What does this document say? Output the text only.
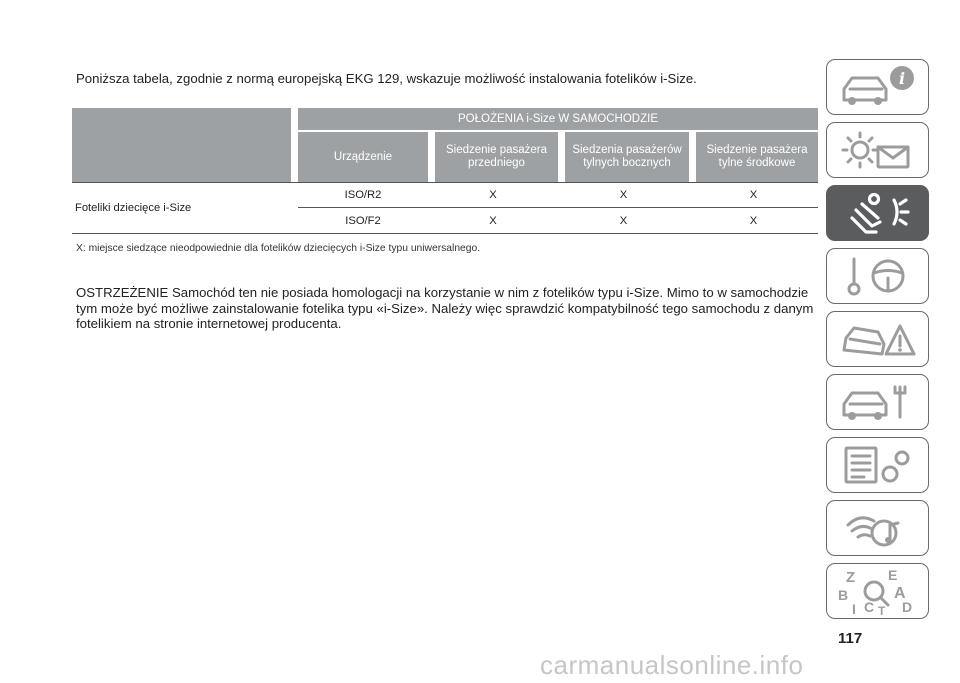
Poniższa tabela, zgodnie z normą europejską EKG 129, wskazuje możliwość instalowania fotelików i-Size.
	POŁOŻENIA i-Size W SAMOCHODZIE			
	Urządzenie	Siedzenie pasażera przedniego	Siedzenia pasażerów tylnych bocznych	Siedzenie pasażera tylne środkowe
Foteliki dziecięce i-Size	ISO/R2	X	X	X
	ISO/F2	X	X	X
X: miejsce siedzące nieodpowiednie dla fotelików dziecięcych i-Size typu uniwersalnego.

OSTRZEŻENIE Samochód ten nie posiada homologacji na korzystanie w nim z fotelików typu i-Size. Mimo to w samochodzie tym może być możliwe zainstalowanie fotelika typu «i-Size». Należy więc sprawdzić kompatybilność tego samochodu z danym fotelikiem na stronie internetowej producenta.

i
Z E
B	A
I C T D
117
carmanualsonline.info
